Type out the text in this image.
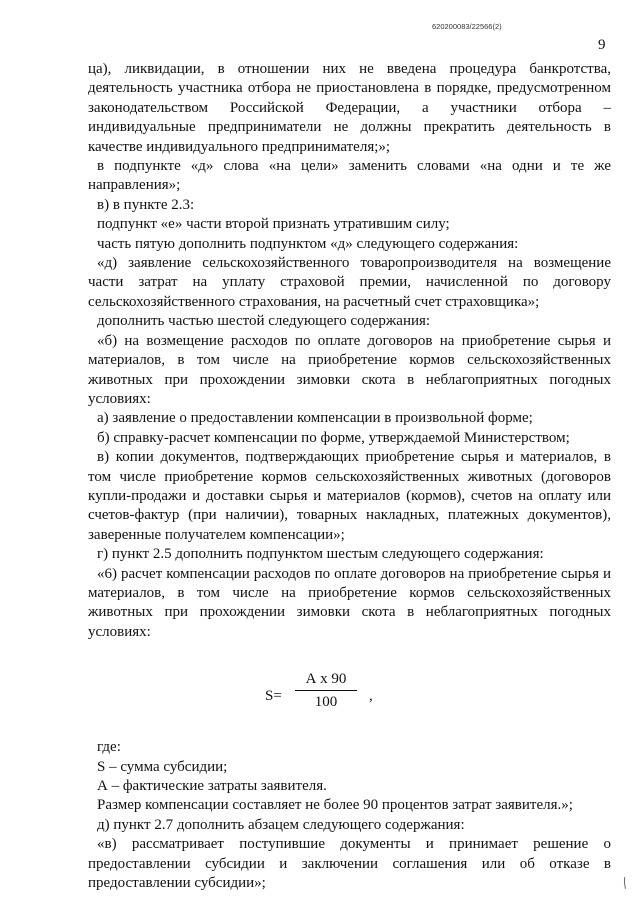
620200083/22566(2)
9

ца), ликвидации, в отношении них не введена процедура банкротства, деятельность участника отбора не приостановлена в порядке, предусмотренном законодательством Российской Федерации, а участники отбора – индивидуальные предприниматели не должны прекратить деятельность в качестве индивидуального предпринимателя;»;

в подпункте «д» слова «на цели» заменить словами «на одни и те же направления»;

в) в пункте 2.3:

подпункт «е» части второй признать утратившим силу;

часть пятую дополнить подпунктом «д» следующего содержания:

«д) заявление сельскохозяйственного товаропроизводителя на возмещение части затрат на уплату страховой премии, начисленной по договору сельскохозяйственного страхования, на расчетный счет страховщика»;

дополнить частью шестой следующего содержания:

«б) на возмещение расходов по оплате договоров на приобретение сырья и материалов, в том числе на приобретение кормов сельскохозяйственных животных при прохождении зимовки скота в неблагоприятных погодных условиях:

а) заявление о предоставлении компенсации в произвольной форме;

б) справку-расчет компенсации по форме, утверждаемой Министерством;

в) копии документов, подтверждающих приобретение сырья и материалов, в том числе приобретение кормов сельскохозяйственных животных (договоров купли-продажи и доставки сырья и материалов (кормов), счетов на оплату или счетов-фактур (при наличии), товарных накладных, платежных документов), заверенные получателем компенсации»;

г) пункт 2.5 дополнить подпунктом шестым следующего содержания:

«6) расчет компенсации расходов по оплате договоров на приобретение сырья и материалов, в том числе на приобретение кормов сельскохозяйственных животных при прохождении зимовки скота в неблагоприятных погодных условиях:

S=
А x 90
100	,

где:

S – сумма субсидии;

А – фактические затраты заявителя.

Размер компенсации составляет не более 90 процентов затрат заявителя.»;

д) пункт 2.7 дополнить абзацем следующего содержания:

«в) рассматривает поступившие документы и принимает решение о предоставлении субсидии и заключении соглашения или об отказе в предоставлении субсидии»;
